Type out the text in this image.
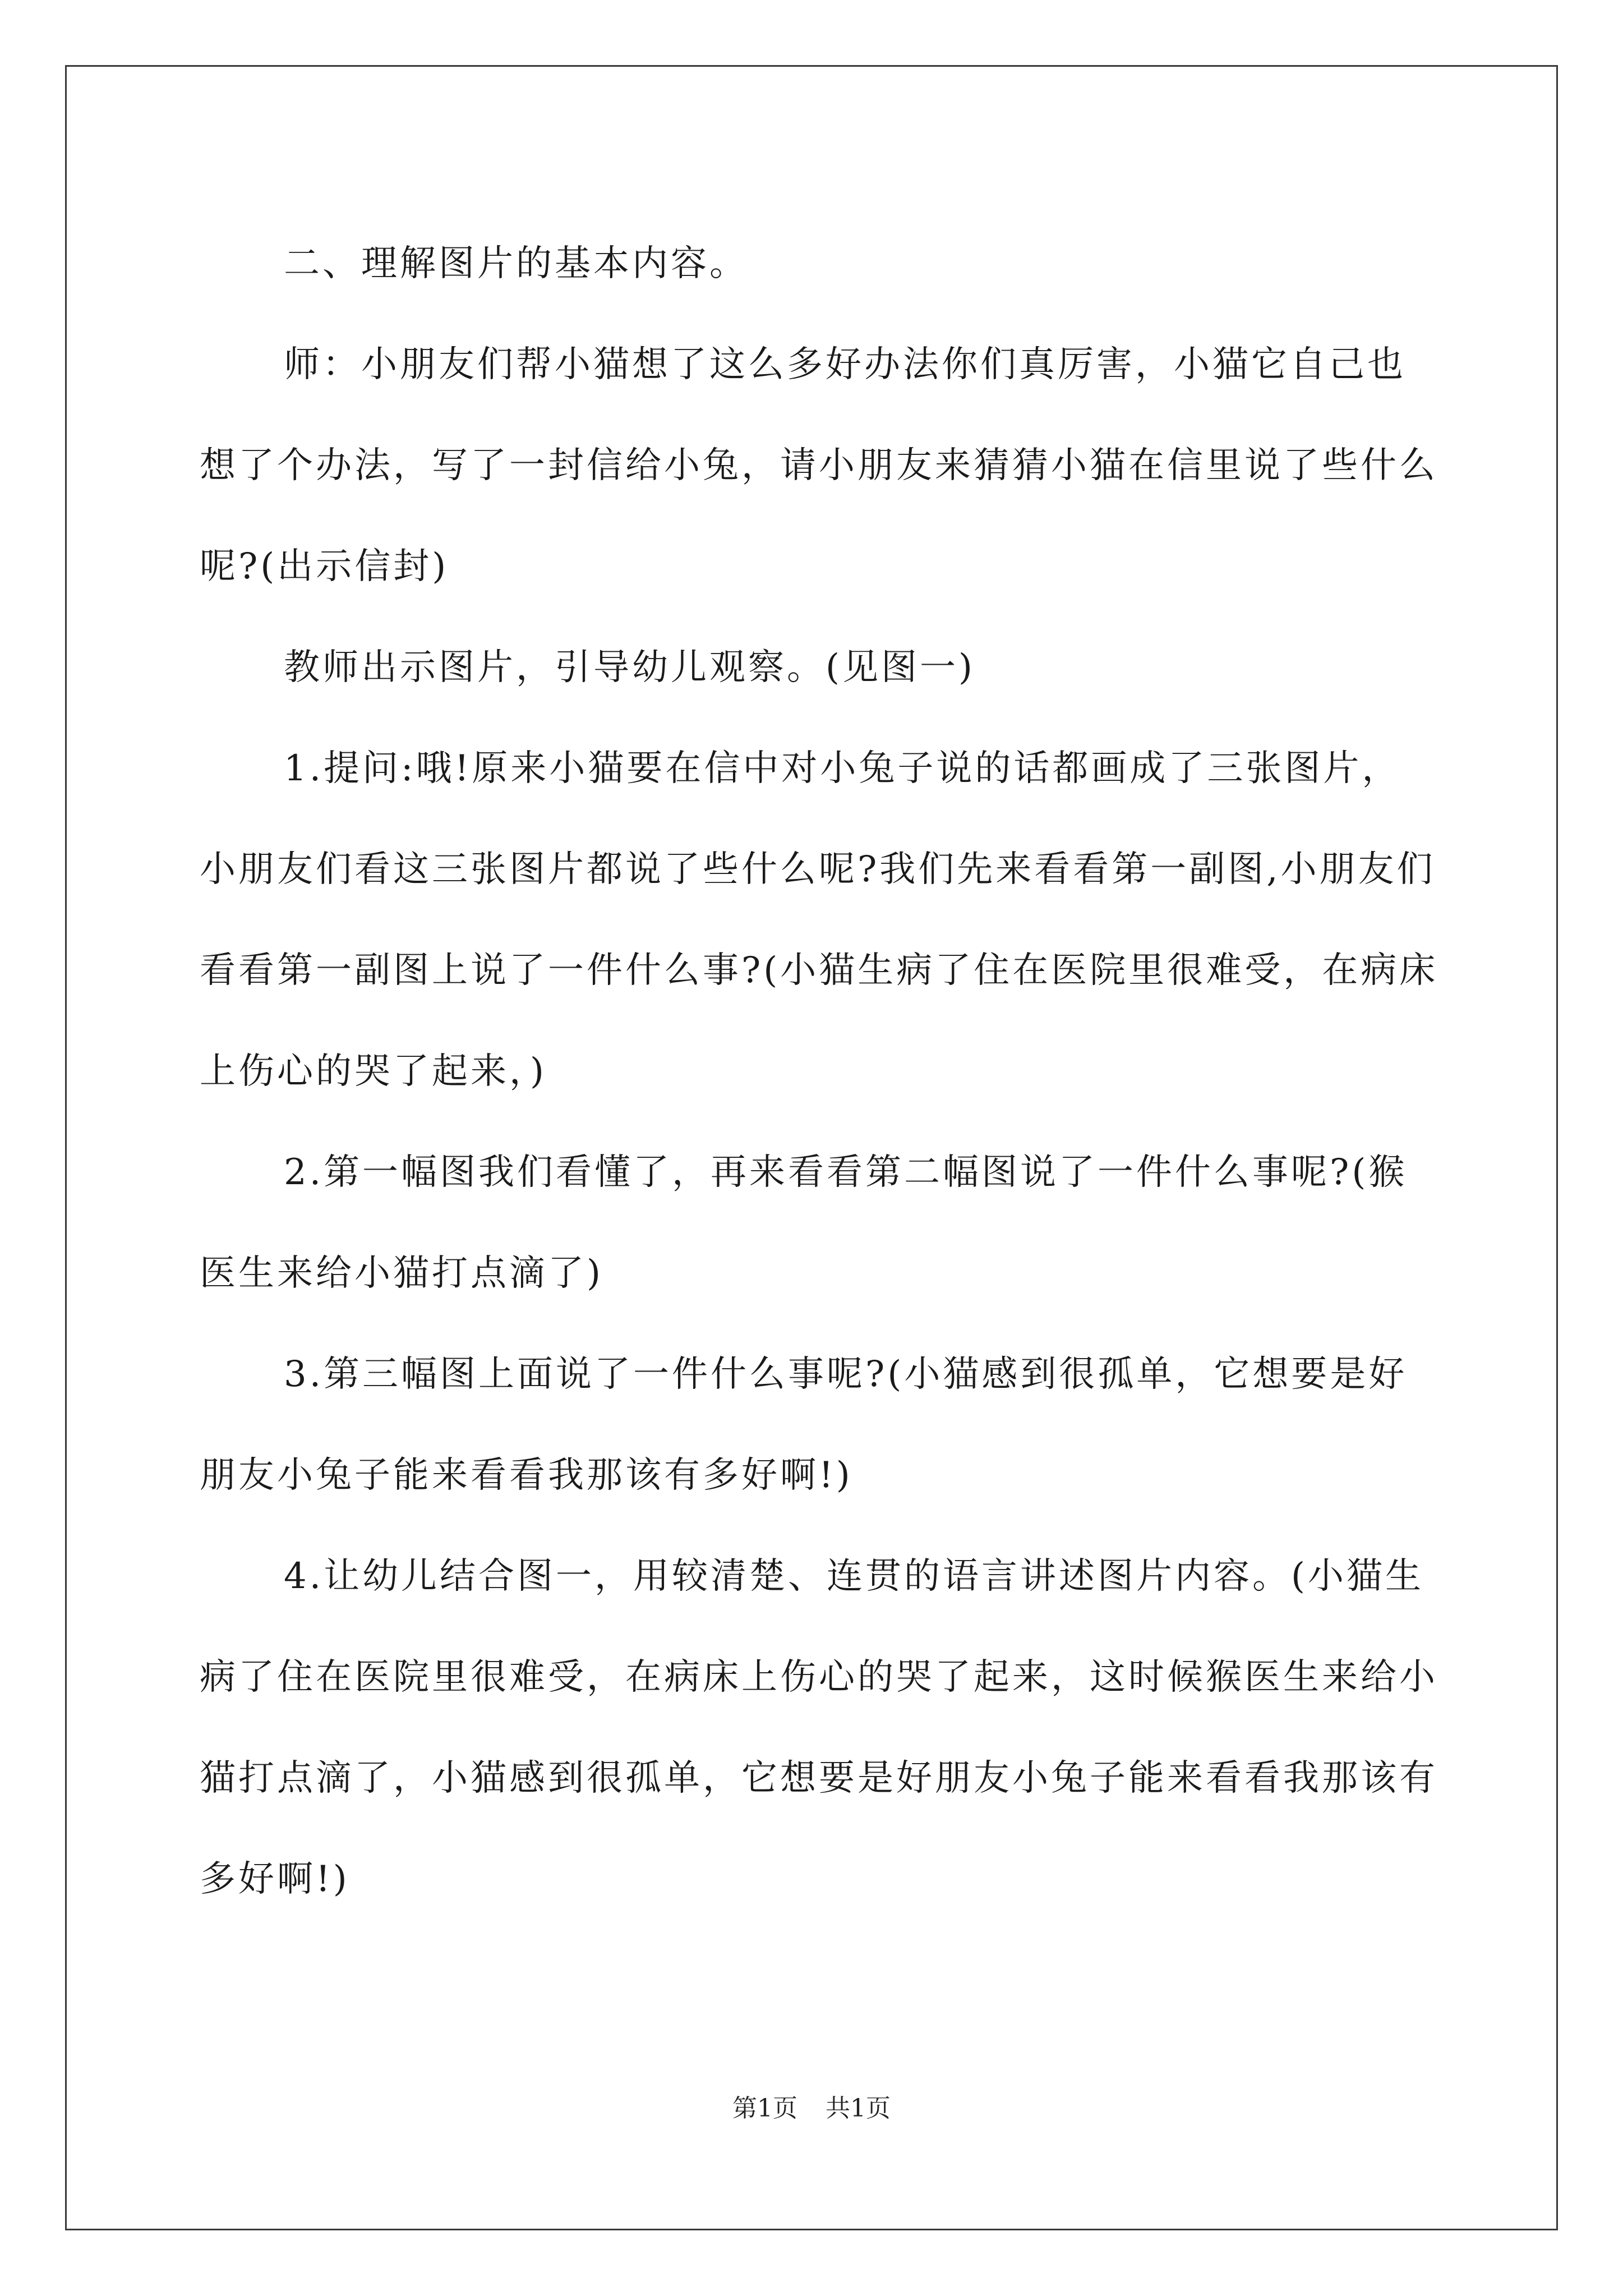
二、理解图片的基本内容。

师：小朋友们帮小猫想了这么多好办法你们真厉害，小猫它自己也想了个办法，写了一封信给小兔，请小朋友来猜猜小猫在信里说了些什么呢?(出示信封)

教师出示图片，引导幼儿观察。(见图一)

1.提问:哦!原来小猫要在信中对小兔子说的话都画成了三张图片，小朋友们看这三张图片都说了些什么呢?我们先来看看第一副图,小朋友们看看第一副图上说了一件什么事?(小猫生病了住在医院里很难受，在病床上伤心的哭了起来，)

2.第一幅图我们看懂了，再来看看第二幅图说了一件什么事呢?(猴医生来给小猫打点滴了)

3.第三幅图上面说了一件什么事呢?(小猫感到很孤单，它想要是好朋友小兔子能来看看我那该有多好啊!)

4.让幼儿结合图一，用较清楚、连贯的语言讲述图片内容。(小猫生病了住在医院里很难受，在病床上伤心的哭了起来，这时候猴医生来给小猫打点滴了，小猫感到很孤单，它想要是好朋友小兔子能来看看我那该有多好啊!)

第1页 共1页
